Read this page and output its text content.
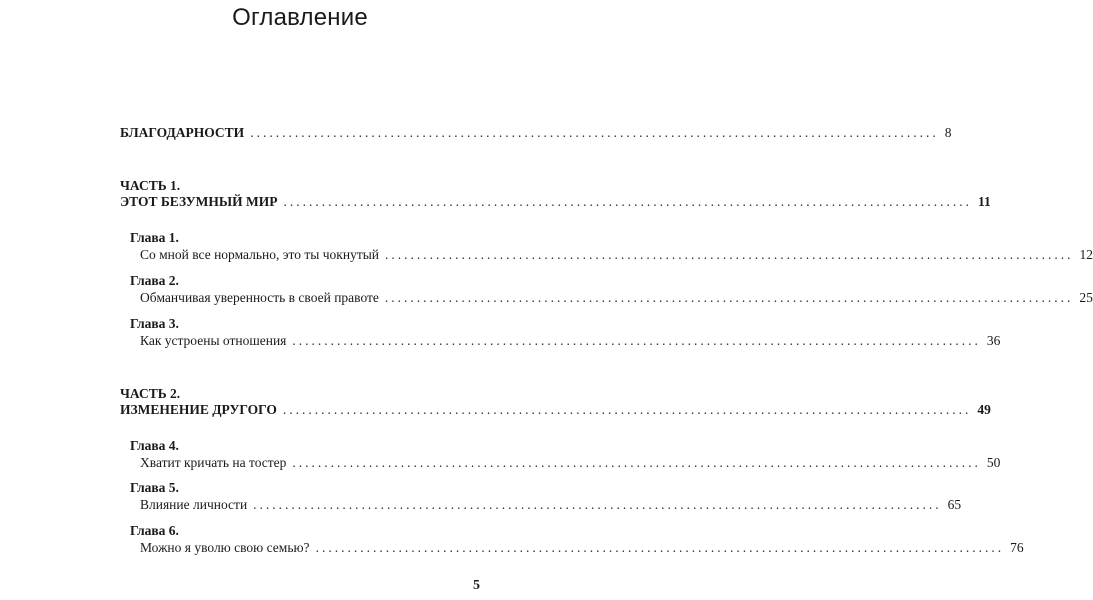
Оглавление
БЛАГОДАРНОСТИ ............................................................................................................ 8
ЧАСТЬ 1.
ЭТОТ БЕЗУМНЫЙ МИР ............................................................................................................ 11
Глава 1.
Со мной все нормально, это ты чокнутый ............................................................................................................ 12
Глава 2.
Обманчивая уверенность в своей правоте ............................................................................................................ 25
Глава 3.
Как устроены отношения ............................................................................................................ 36
ЧАСТЬ 2.
ИЗМЕНЕНИЕ ДРУГОГО ............................................................................................................ 49
Глава 4.
Хватит кричать на тостер ............................................................................................................ 50
Глава 5.
Влияние личности ............................................................................................................ 65
Глава 6.
Можно я уволю свою семью? ............................................................................................................ 76
5
